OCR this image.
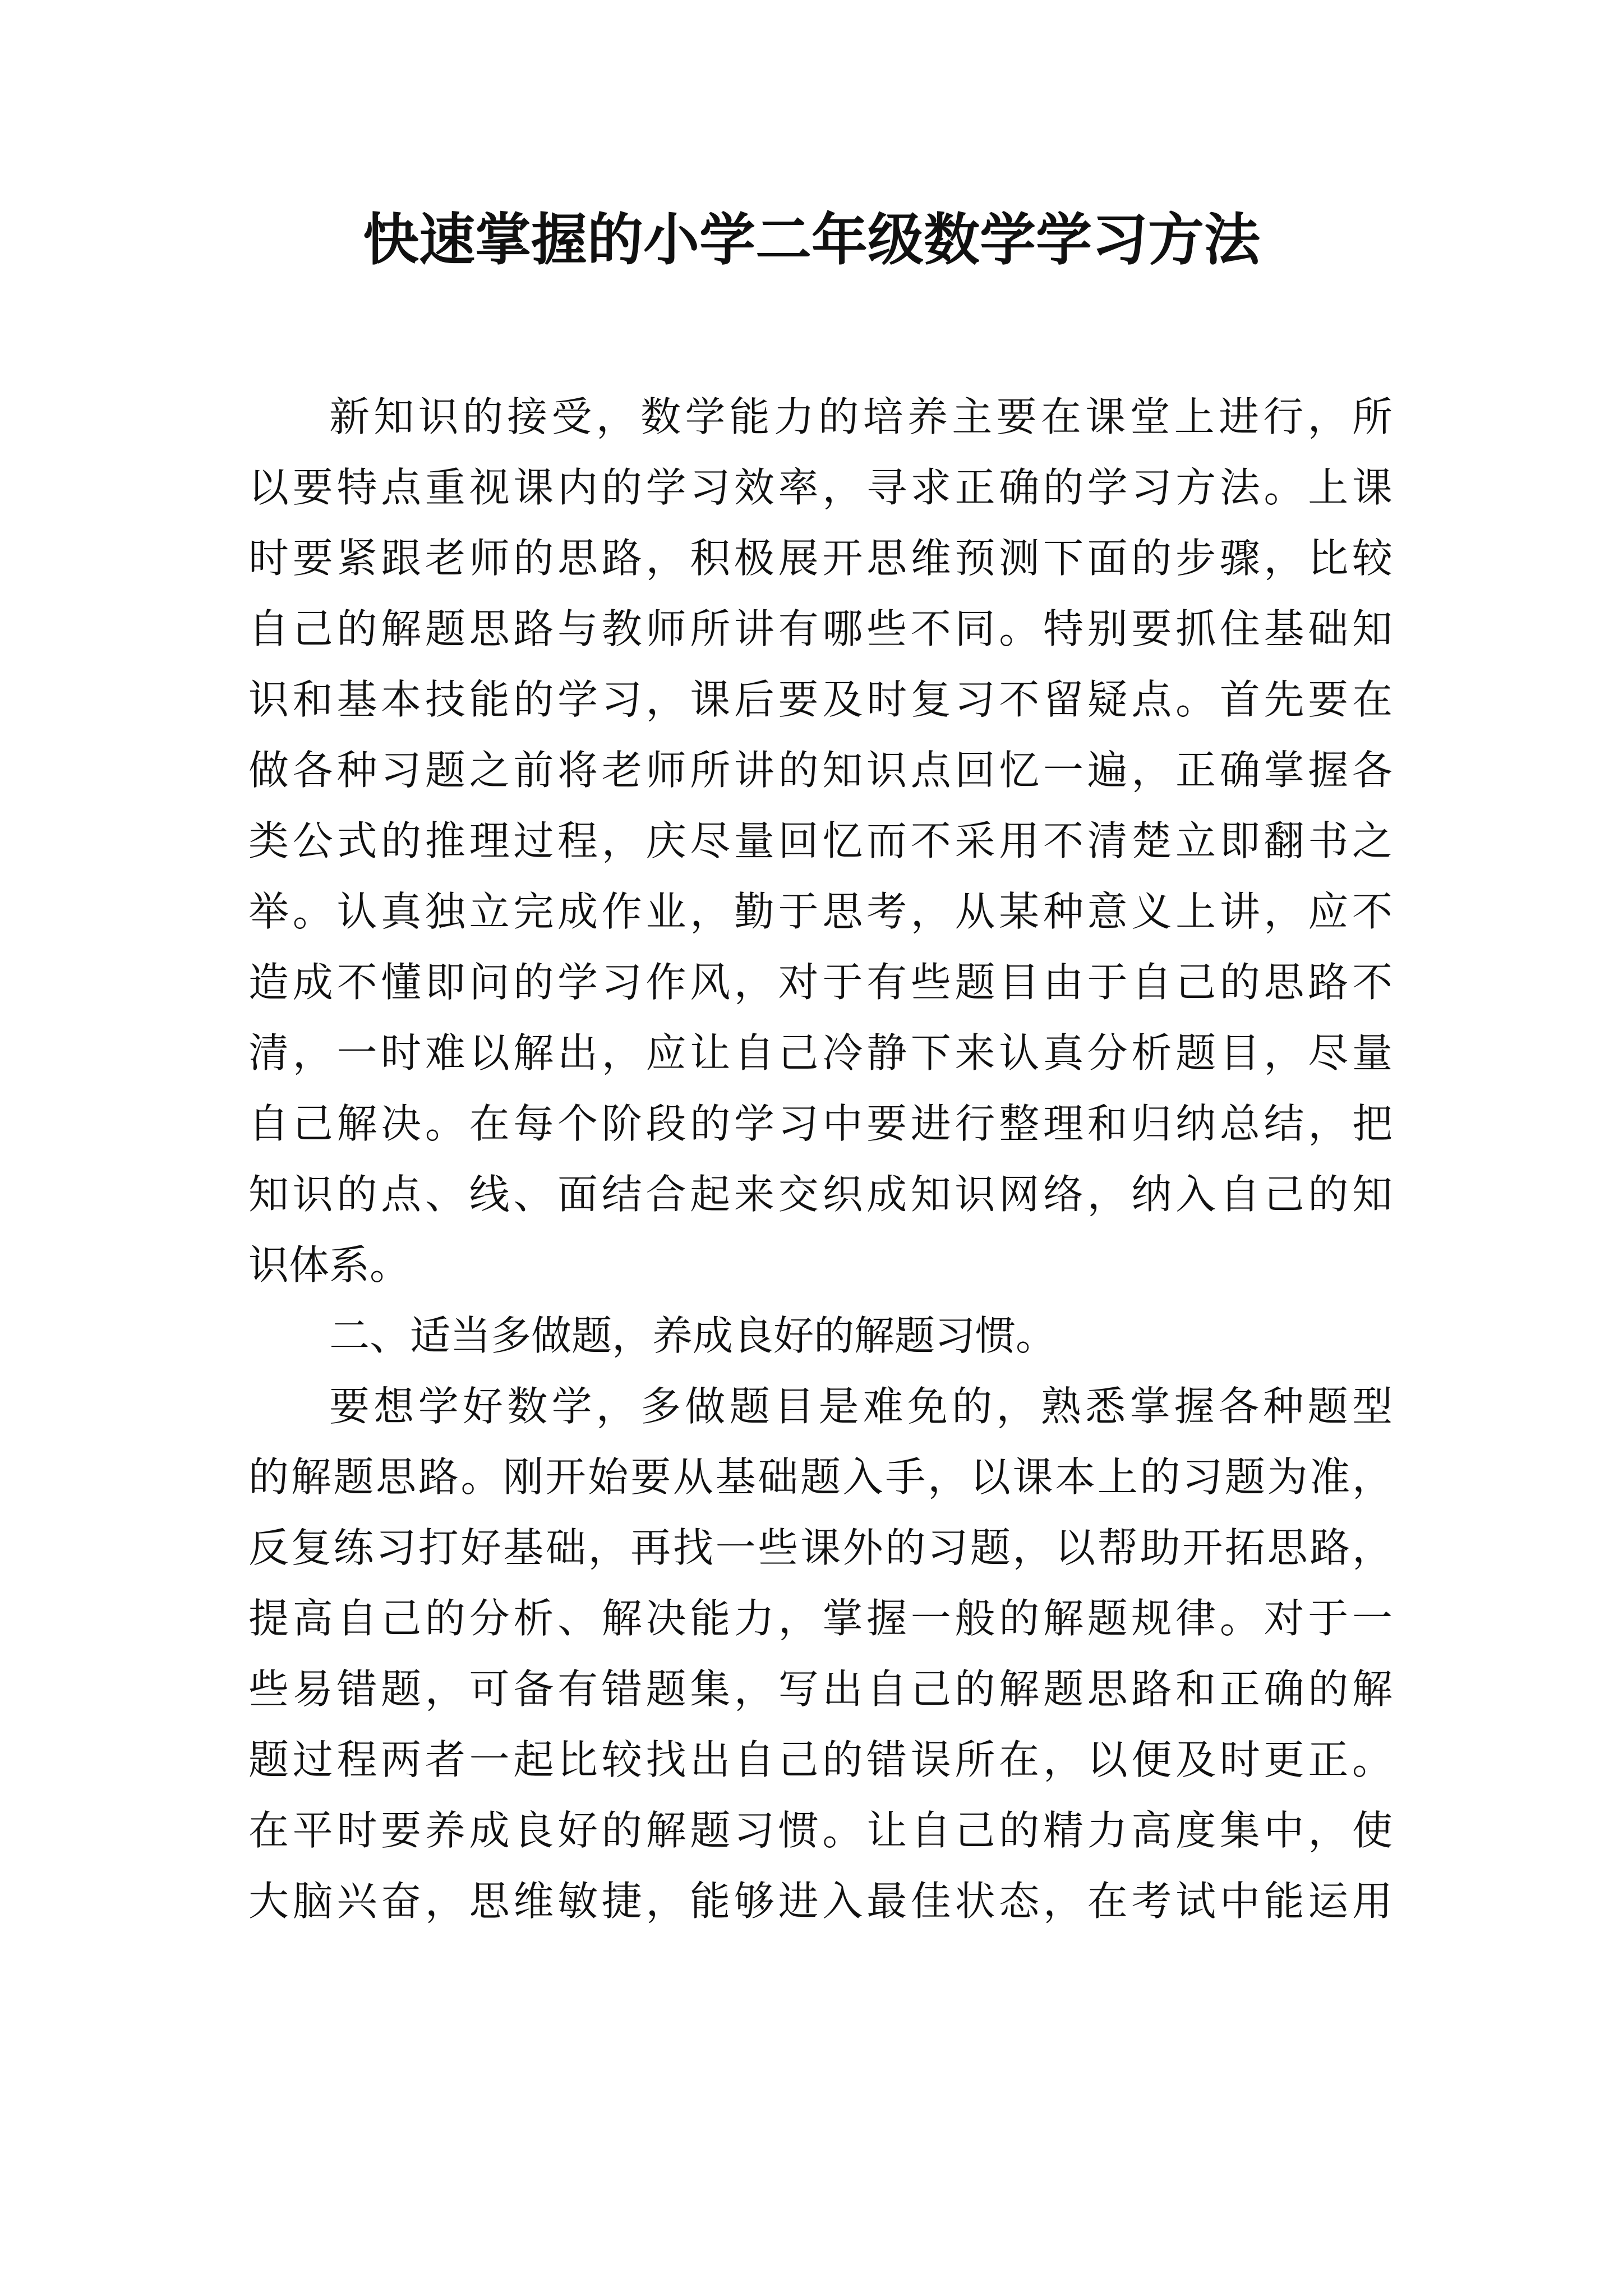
快速掌握的小学二年级数学学习方法
新知识的接受，数学能力的培养主要在课堂上进行，所
以要特点重视课内的学习效率，寻求正确的学习方法。上课
时要紧跟老师的思路，积极展开思维预测下面的步骤，比较
自己的解题思路与教师所讲有哪些不同。特别要抓住基础知
识和基本技能的学习，课后要及时复习不留疑点。首先要在
做各种习题之前将老师所讲的知识点回忆一遍，正确掌握各
类公式的推理过程，庆尽量回忆而不采用不清楚立即翻书之
举。认真独立完成作业，勤于思考，从某种意义上讲，应不
造成不懂即问的学习作风，对于有些题目由于自己的思路不
清，一时难以解出，应让自己冷静下来认真分析题目，尽量
自己解决。在每个阶段的学习中要进行整理和归纳总结，把
知识的点、线、面结合起来交织成知识网络，纳入自己的知
识体系。
二、适当多做题，养成良好的解题习惯。
要想学好数学，多做题目是难免的，熟悉掌握各种题型
的解题思路。刚开始要从基础题入手，以课本上的习题为准，
反复练习打好基础，再找一些课外的习题，以帮助开拓思路，
提高自己的分析、解决能力，掌握一般的解题规律。对于一
些易错题，可备有错题集，写出自己的解题思路和正确的解
题过程两者一起比较找出自己的错误所在，以便及时更正。
在平时要养成良好的解题习惯。让自己的精力高度集中，使
大脑兴奋，思维敏捷，能够进入最佳状态，在考试中能运用
